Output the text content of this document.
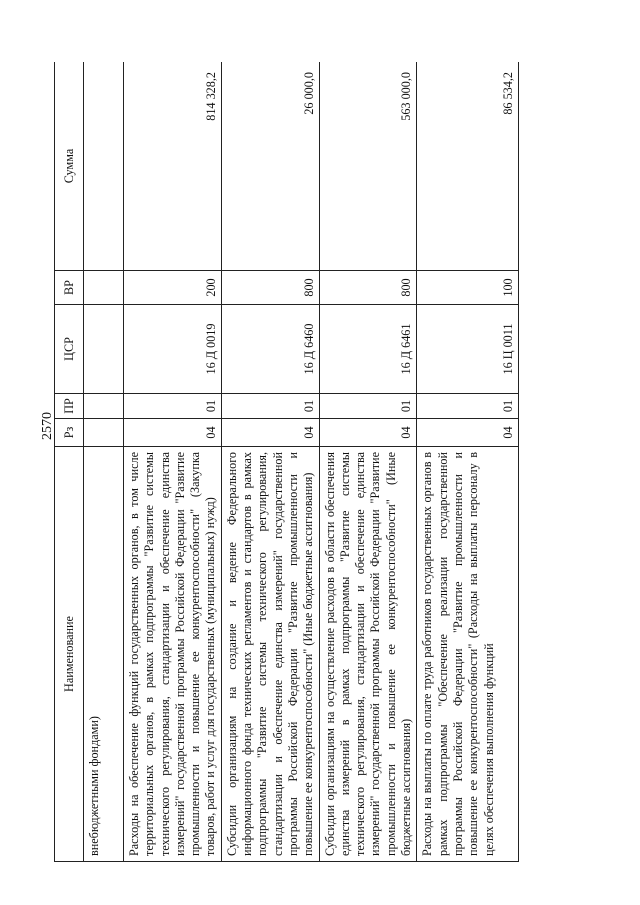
2570
Наименование	Рз	ПР	ЦСР	ВР	Сумма
внебюджетными фондами)					
Расходы на обеспечение функций государственных органов, в том числе территориальных органов, в рамках подпрограммы "Развитие системы технического регулирования, стандартизации и обеспечение единства измерений" государственной программы Российской Федерации "Развитие промышленности и повышение ее конкурентоспособности" (Закупка товаров, работ и услуг для государственных (муниципальных) нужд)	04	01	16 Д 0019	200	814 328,2
Субсидии организациям на создание и ведение Федерального информационного фонда технических регламентов и стандартов в рамках подпрограммы "Развитие системы технического регулирования, стандартизации и обеспечение единства измерений" государственной программы Российской Федерации "Развитие промышленности и повышение ее конкурентоспособности" (Иные бюджетные ассигнования)	04	01	16 Д 6460	800	26 000,0
Субсидии организациям на осуществление расходов в области обеспечения единства измерений в рамках подпрограммы "Развитие системы технического регулирования, стандартизации и обеспечение единства измерений" государственной программы Российской Федерации "Развитие промышленности и повышение ее конкурентоспособности" (Иные бюджетные ассигнования)	04	01	16 Д 6461	800	563 000,0
Расходы на выплаты по оплате труда работников государственных органов в рамках подпрограммы "Обеспечение реализации государственной программы Российской Федерации "Развитие промышленности и повышение ее конкурентоспособности" (Расходы на выплаты персоналу в целях обеспечения выполнения функций	04	01	16 Ц 0011	100	86 534,2
